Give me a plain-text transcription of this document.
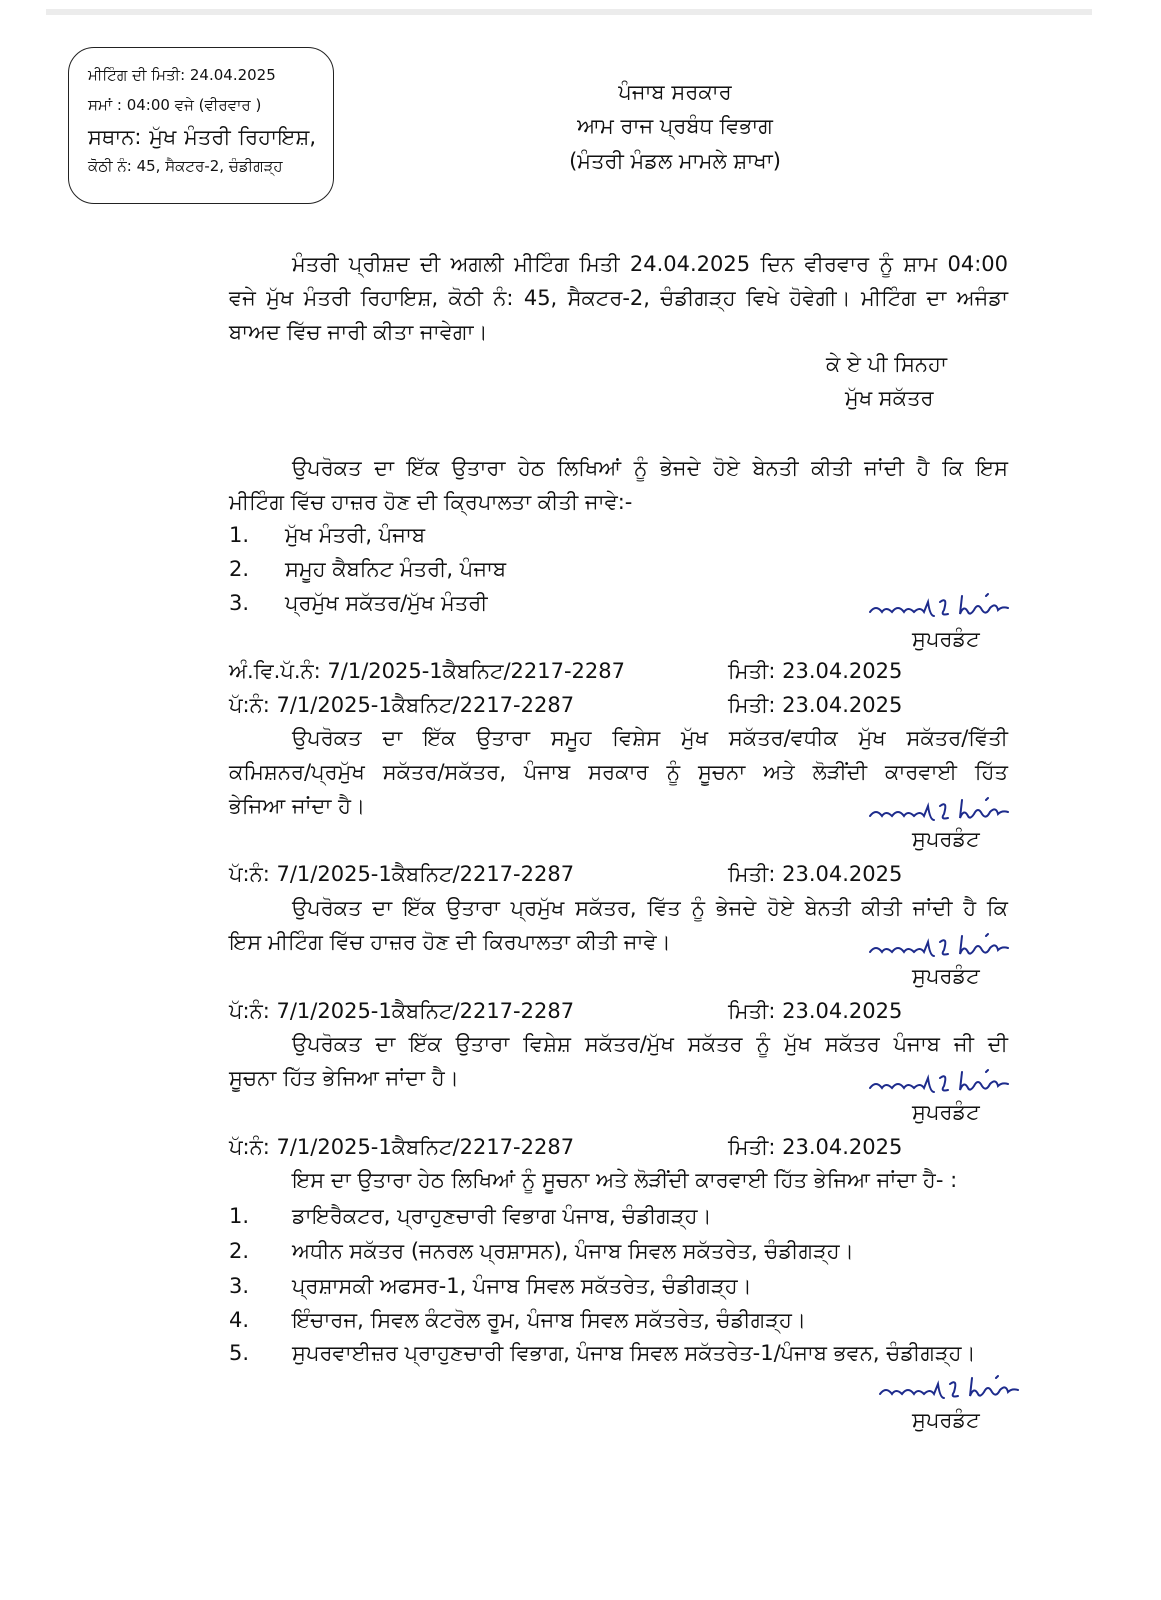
ਮੀਟਿੰਗ ਦੀ ਮਿਤੀ: 24.04.2025
ਸਮਾਂ : 04:00 ਵਜੇ (ਵੀਰਵਾਰ )
ਸਥਾਨ: ਮੁੱਖ ਮੰਤਰੀ ਰਿਹਾਇਸ਼,
ਕੋਠੀ ਨੰ: 45, ਸੈਕਟਰ-2, ਚੰਡੀਗੜ੍ਹ
ਪੰਜਾਬ ਸਰਕਾਰ
ਆਮ ਰਾਜ ਪ੍ਰਬੰਧ ਵਿਭਾਗ
(ਮੰਤਰੀ ਮੰਡਲ ਮਾਮਲੇ ਸ਼ਾਖਾ)
ਮੰਤਰੀ ਪ੍ਰੀਸ਼ਦ ਦੀ ਅਗਲੀ ਮੀਟਿੰਗ ਮਿਤੀ 24.04.2025 ਦਿਨ ਵੀਰਵਾਰ ਨੂੰ ਸ਼ਾਮ 04:00
ਵਜੇ ਮੁੱਖ ਮੰਤਰੀ ਰਿਹਾਇਸ਼, ਕੋਠੀ ਨੰ: 45, ਸੈਕਟਰ-2, ਚੰਡੀਗੜ੍ਹ ਵਿਖੇ ਹੋਵੇਗੀ। ਮੀਟਿੰਗ ਦਾ ਅਜੰਡਾ
ਬਾਅਦ ਵਿੱਚ ਜਾਰੀ ਕੀਤਾ ਜਾਵੇਗਾ।
ਕੇ ਏ ਪੀ ਸਿਨਹਾ
ਮੁੱਖ ਸਕੱਤਰ
ਉਪਰੋਕਤ ਦਾ ਇੱਕ ਉਤਾਰਾ ਹੇਠ ਲਿਖਿਆਂ ਨੂੰ ਭੇਜਦੇ ਹੋਏ ਬੇਨਤੀ ਕੀਤੀ ਜਾਂਦੀ ਹੈ ਕਿ ਇਸ
ਮੀਟਿੰਗ ਵਿੱਚ ਹਾਜ਼ਰ ਹੋਣ ਦੀ ਕ੍ਰਿਪਾਲਤਾ ਕੀਤੀ ਜਾਵੇ:-
1. ਮੁੱਖ ਮੰਤਰੀ, ਪੰਜਾਬ
2. ਸਮੂਹ ਕੈਬਨਿਟ ਮੰਤਰੀ, ਪੰਜਾਬ
3. ਪ੍ਰਮੁੱਖ ਸਕੱਤਰ/ਮੁੱਖ ਮੰਤਰੀ
ਸੁਪਰਡੰਟ
ਅੰ.ਵਿ.ਪੱ.ਨੰ: 7/1/2025-1ਕੈਬਨਿਟ/2217-2287	ਮਿਤੀ: 23.04.2025
ਪੱ:ਨੰ: 7/1/2025-1ਕੈਬਨਿਟ/2217-2287	ਮਿਤੀ: 23.04.2025
ਉਪਰੋਕਤ ਦਾ ਇੱਕ ਉਤਾਰਾ ਸਮੂਹ ਵਿਸ਼ੇਸ ਮੁੱਖ ਸਕੱਤਰ/ਵਧੀਕ ਮੁੱਖ ਸਕੱਤਰ/ਵਿੱਤੀ
ਕਮਿਸ਼ਨਰ/ਪ੍ਰਮੁੱਖ ਸਕੱਤਰ/ਸਕੱਤਰ, ਪੰਜਾਬ ਸਰਕਾਰ ਨੂੰ ਸੂਚਨਾ ਅਤੇ ਲੋੜੀਂਦੀ ਕਾਰਵਾਈ ਹਿੱਤ
ਭੇਜਿਆ ਜਾਂਦਾ ਹੈ।
ਸੁਪਰਡੰਟ
ਪੱ:ਨੰ: 7/1/2025-1ਕੈਬਨਿਟ/2217-2287	ਮਿਤੀ: 23.04.2025
ਉਪਰੋਕਤ ਦਾ ਇੱਕ ਉਤਾਰਾ ਪ੍ਰਮੁੱਖ ਸਕੱਤਰ, ਵਿੱਤ ਨੂੰ ਭੇਜਦੇ ਹੋਏ ਬੇਨਤੀ ਕੀਤੀ ਜਾਂਦੀ ਹੈ ਕਿ
ਇਸ ਮੀਟਿੰਗ ਵਿੱਚ ਹਾਜ਼ਰ ਹੋਣ ਦੀ ਕਿਰਪਾਲਤਾ ਕੀਤੀ ਜਾਵੇ।
ਸੁਪਰਡੰਟ
ਪੱ:ਨੰ: 7/1/2025-1ਕੈਬਨਿਟ/2217-2287	ਮਿਤੀ: 23.04.2025
ਉਪਰੋਕਤ ਦਾ ਇੱਕ ਉਤਾਰਾ ਵਿਸ਼ੇਸ਼ ਸਕੱਤਰ/ਮੁੱਖ ਸਕੱਤਰ ਨੂੰ ਮੁੱਖ ਸਕੱਤਰ ਪੰਜਾਬ ਜੀ ਦੀ
ਸੂਚਨਾ ਹਿੱਤ ਭੇਜਿਆ ਜਾਂਦਾ ਹੈ।
ਸੁਪਰਡੰਟ
ਪੱ:ਨੰ: 7/1/2025-1ਕੈਬਨਿਟ/2217-2287	ਮਿਤੀ: 23.04.2025
ਇਸ ਦਾ ਉਤਾਰਾ ਹੇਠ ਲਿਖਿਆਂ ਨੂੰ ਸੂਚਨਾ ਅਤੇ ਲੋੜੀਂਦੀ ਕਾਰਵਾਈ ਹਿੱਤ ਭੇਜਿਆ ਜਾਂਦਾ ਹੈ- :
1. ਡਾਇਰੈਕਟਰ, ਪ੍ਰਾਹੁਣਚਾਰੀ ਵਿਭਾਗ ਪੰਜਾਬ, ਚੰਡੀਗੜ੍ਹ।
2. ਅਧੀਨ ਸਕੱਤਰ (ਜਨਰਲ ਪ੍ਰਸ਼ਾਸਨ), ਪੰਜਾਬ ਸਿਵਲ ਸਕੱਤਰੇਤ, ਚੰਡੀਗੜ੍ਹ।
3. ਪ੍ਰਸ਼ਾਸਕੀ ਅਫਸਰ-1, ਪੰਜਾਬ ਸਿਵਲ ਸਕੱਤਰੇਤ, ਚੰਡੀਗੜ੍ਹ।
4. ਇੰਚਾਰਜ, ਸਿਵਲ ਕੰਟਰੋਲ ਰੂਮ, ਪੰਜਾਬ ਸਿਵਲ ਸਕੱਤਰੇਤ, ਚੰਡੀਗੜ੍ਹ।
5. ਸੁਪਰਵਾਈਜ਼ਰ ਪ੍ਰਾਹੁਣਚਾਰੀ ਵਿਭਾਗ, ਪੰਜਾਬ ਸਿਵਲ ਸਕੱਤਰੇਤ-1/ਪੰਜਾਬ ਭਵਨ, ਚੰਡੀਗੜ੍ਹ।
ਸੁਪਰਡੰਟ
